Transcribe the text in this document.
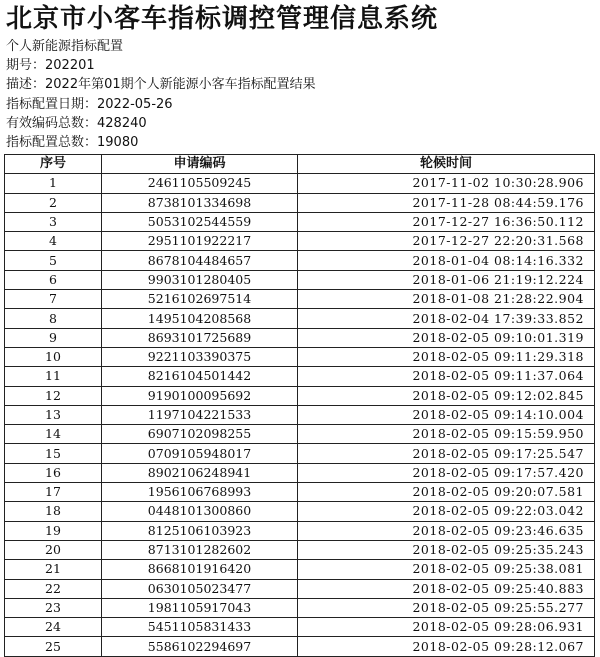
北京市小客车指标调控管理信息系统
个人新能源指标配置
期号：202201
描述：2022年第01期个人新能源小客车指标配置结果
指标配置日期：2022-05-26
有效编码总数：428240
指标配置总数：19080
序号	申请编码	轮候时间
1	2461105509245	2017-11-02 10:30:28.906
2	8738101334698	2017-11-28 08:44:59.176
3	5053102544559	2017-12-27 16:36:50.112
4	2951101922217	2017-12-27 22:20:31.568
5	8678104484657	2018-01-04 08:14:16.332
6	9903101280405	2018-01-06 21:19:12.224
7	5216102697514	2018-01-08 21:28:22.904
8	1495104208568	2018-02-04 17:39:33.852
9	8693101725689	2018-02-05 09:10:01.319
10	9221103390375	2018-02-05 09:11:29.318
11	8216104501442	2018-02-05 09:11:37.064
12	9190100095692	2018-02-05 09:12:02.845
13	1197104221533	2018-02-05 09:14:10.004
14	6907102098255	2018-02-05 09:15:59.950
15	0709105948017	2018-02-05 09:17:25.547
16	8902106248941	2018-02-05 09:17:57.420
17	1956106768993	2018-02-05 09:20:07.581
18	0448101300860	2018-02-05 09:22:03.042
19	8125106103923	2018-02-05 09:23:46.635
20	8713101282602	2018-02-05 09:25:35.243
21	8668101916420	2018-02-05 09:25:38.081
22	0630105023477	2018-02-05 09:25:40.883
23	1981105917043	2018-02-05 09:25:55.277
24	5451105831433	2018-02-05 09:28:06.931
25	5586102294697	2018-02-05 09:28:12.067
